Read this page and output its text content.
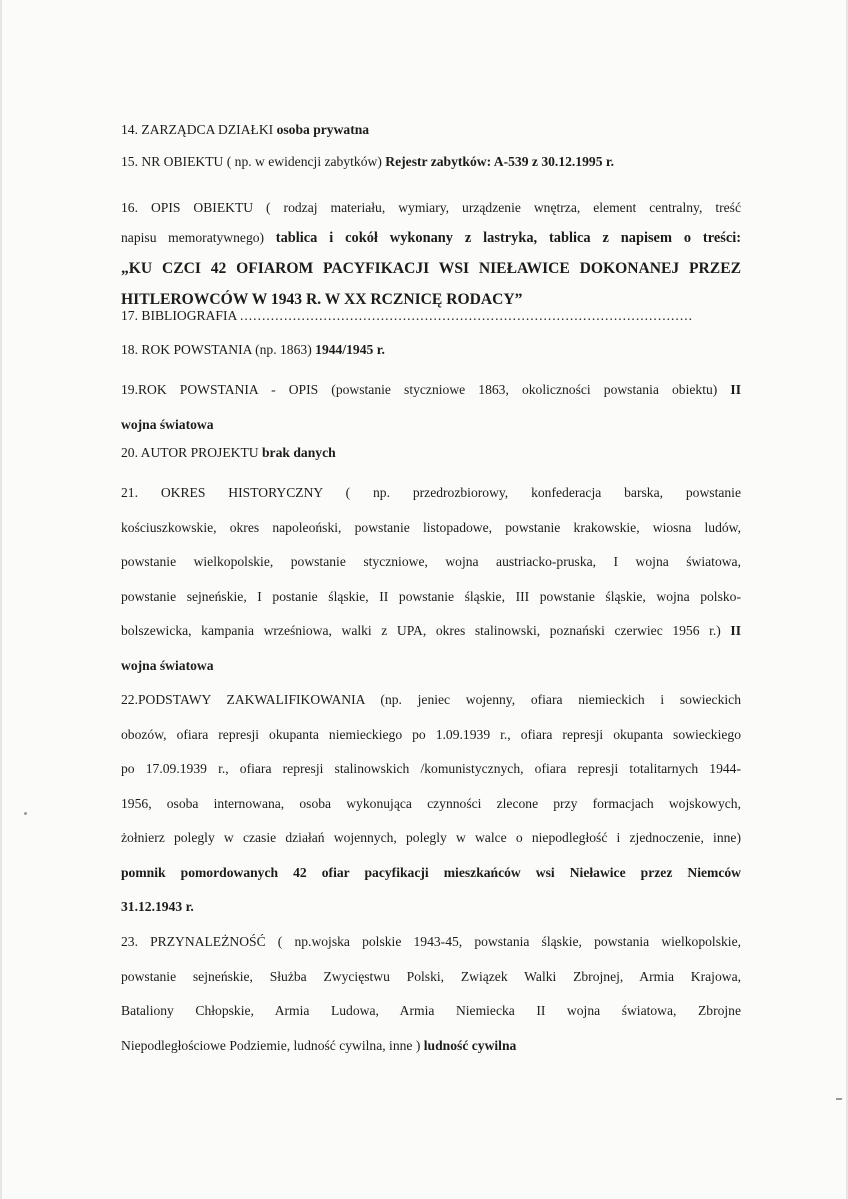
14. ZARZĄDCA DZIAŁKI osoba prywatna

15. NR OBIEKTU ( np. w ewidencji zabytków) Rejestr zabytków: A-539 z 30.12.1995 r.

16. OPIS OBIEKTU ( rodzaj materiału, wymiary, urządzenie wnętrza, element centralny, treść
napisu memoratywnego) tablica i cokół wykonany z lastryka, tablica z napisem o treści:
„KU CZCI 42 OFIAROM PACYFIKACJI WSI NIEŁAWICE DOKONANEJ PRZEZ
HITLEROWCÓW W 1943 R. W XX RCZNICĘ RODACY”

17. BIBLIOGRAFIA .......................................................................................................

18. ROK POWSTANIA (np. 1863) 1944/1945 r.

19.ROK POWSTANIA - OPIS (powstanie styczniowe 1863, okoliczności powstania obiektu) II
wojna światowa

20. AUTOR PROJEKTU brak danych

21. OKRES HISTORYCZNY ( np. przedrozbiorowy, konfederacja barska, powstanie
kościuszkowskie, okres napoleoński, powstanie listopadowe, powstanie krakowskie, wiosna ludów,
powstanie wielkopolskie, powstanie styczniowe, wojna austriacko-pruska, I wojna światowa,
powstanie sejneńskie, I postanie śląskie, II powstanie śląskie, III powstanie śląskie, wojna polsko-
bolszewicka, kampania wrześniowa, walki z UPA, okres stalinowski, poznański czerwiec 1956 r.) II
wojna światowa
22.PODSTAWY ZAKWALIFIKOWANIA (np. jeniec wojenny, ofiara niemieckich i sowieckich
obozów, ofiara represji okupanta niemieckiego po 1.09.1939 r., ofiara represji okupanta sowieckiego
po 17.09.1939 r., ofiara represji stalinowskich /komunistycznych, ofiara represji totalitarnych 1944-
1956, osoba internowana, osoba wykonująca czynności zlecone przy formacjach wojskowych,
żołnierz polegly w czasie działań wojennych, polegly w walce o niepodległość i zjednoczenie, inne)
pomnik pomordowanych 42 ofiar pacyfikacji mieszkańców wsi Nieławice przez Niemców
31.12.1943 r.
23. PRZYNALEŻNOŚĆ ( np.wojska polskie 1943-45, powstania śląskie, powstania wielkopolskie,
powstanie sejneńskie, Służba Zwycięstwu Polski, Związek Walki Zbrojnej, Armia Krajowa,
Bataliony Chłopskie, Armia Ludowa, Armia Niemiecka II wojna światowa, Zbrojne
Niepodległościowe Podziemie, ludność cywilna, inne ) ludność cywilna
